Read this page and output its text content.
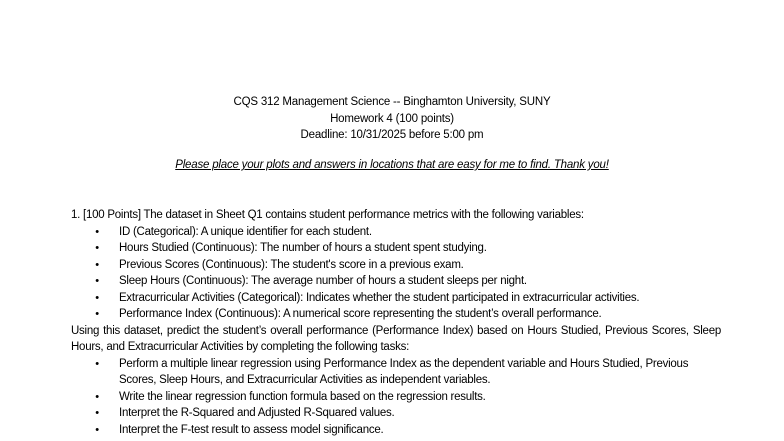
CQS 312 Management Science -- Binghamton University, SUNY
Homework 4 (100 points)
Deadline: 10/31/2025 before 5:00 pm
Please place your plots and answers in locations that are easy for me to find. Thank you!
1. [100 Points] The dataset in Sheet Q1 contains student performance metrics with the following variables:
•	ID (Categorical): A unique identifier for each student.
•	Hours Studied (Continuous): The number of hours a student spent studying.
•	Previous Scores (Continuous): The student's score in a previous exam.
•	Sleep Hours (Continuous): The average number of hours a student sleeps per night.
•	Extracurricular Activities (Categorical): Indicates whether the student participated in extracurricular activities.
•	Performance Index (Continuous): A numerical score representing the student’s overall performance.
Using this dataset, predict the student’s overall performance (Performance Index) based on Hours Studied, Previous Scores, Sleep Hours, and Extracurricular Activities by completing the following tasks:
•	Perform a multiple linear regression using Performance Index as the dependent variable and Hours Studied, Previous Scores, Sleep Hours, and Extracurricular Activities as independent variables.
•	Write the linear regression function formula based on the regression results.
•	Interpret the R-Squared and Adjusted R-Squared values.
•	Interpret the F-test result to assess model significance.
